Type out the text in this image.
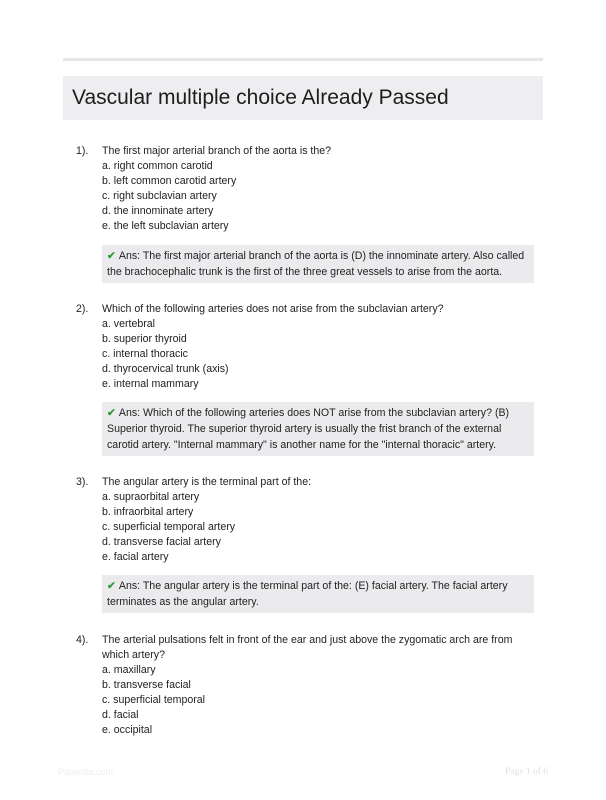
Vascular multiple choice Already Passed
1). The first major arterial branch of the aorta is the?
a. right common carotid
b. left common carotid artery
c. right subclavian artery
d. the innominate artery
e. the left subclavian artery
✔ Ans: The first major arterial branch of the aorta is (D) the innominate artery. Also called the brachocephalic trunk is the first of the three great vessels to arise from the aorta.
2). Which of the following arteries does not arise from the subclavian artery?
a. vertebral
b. superior thyroid
c. internal thoracic
d. thyrocervical trunk (axis)
e. internal mammary
✔ Ans: Which of the following arteries does NOT arise from the subclavian artery? (B) Superior thyroid. The superior thyroid artery is usually the frist branch of the external carotid artery. "Internal mammary" is another name for the "internal thoracic" artery.
3). The angular artery is the terminal part of the:
a. supraorbital artery
b. infraorbital artery
c. superficial temporal artery
d. transverse facial artery
e. facial artery
✔ Ans: The angular artery is the terminal part of the: (E) facial artery. The facial artery terminates as the angular artery.
4). The arterial pulsations felt in front of the ear and just above the zygomatic arch are from which artery?
a. maxillary
b. transverse facial
c. superficial temporal
d. facial
e. occipital
Paperlibr.com	Page 1 of 6
